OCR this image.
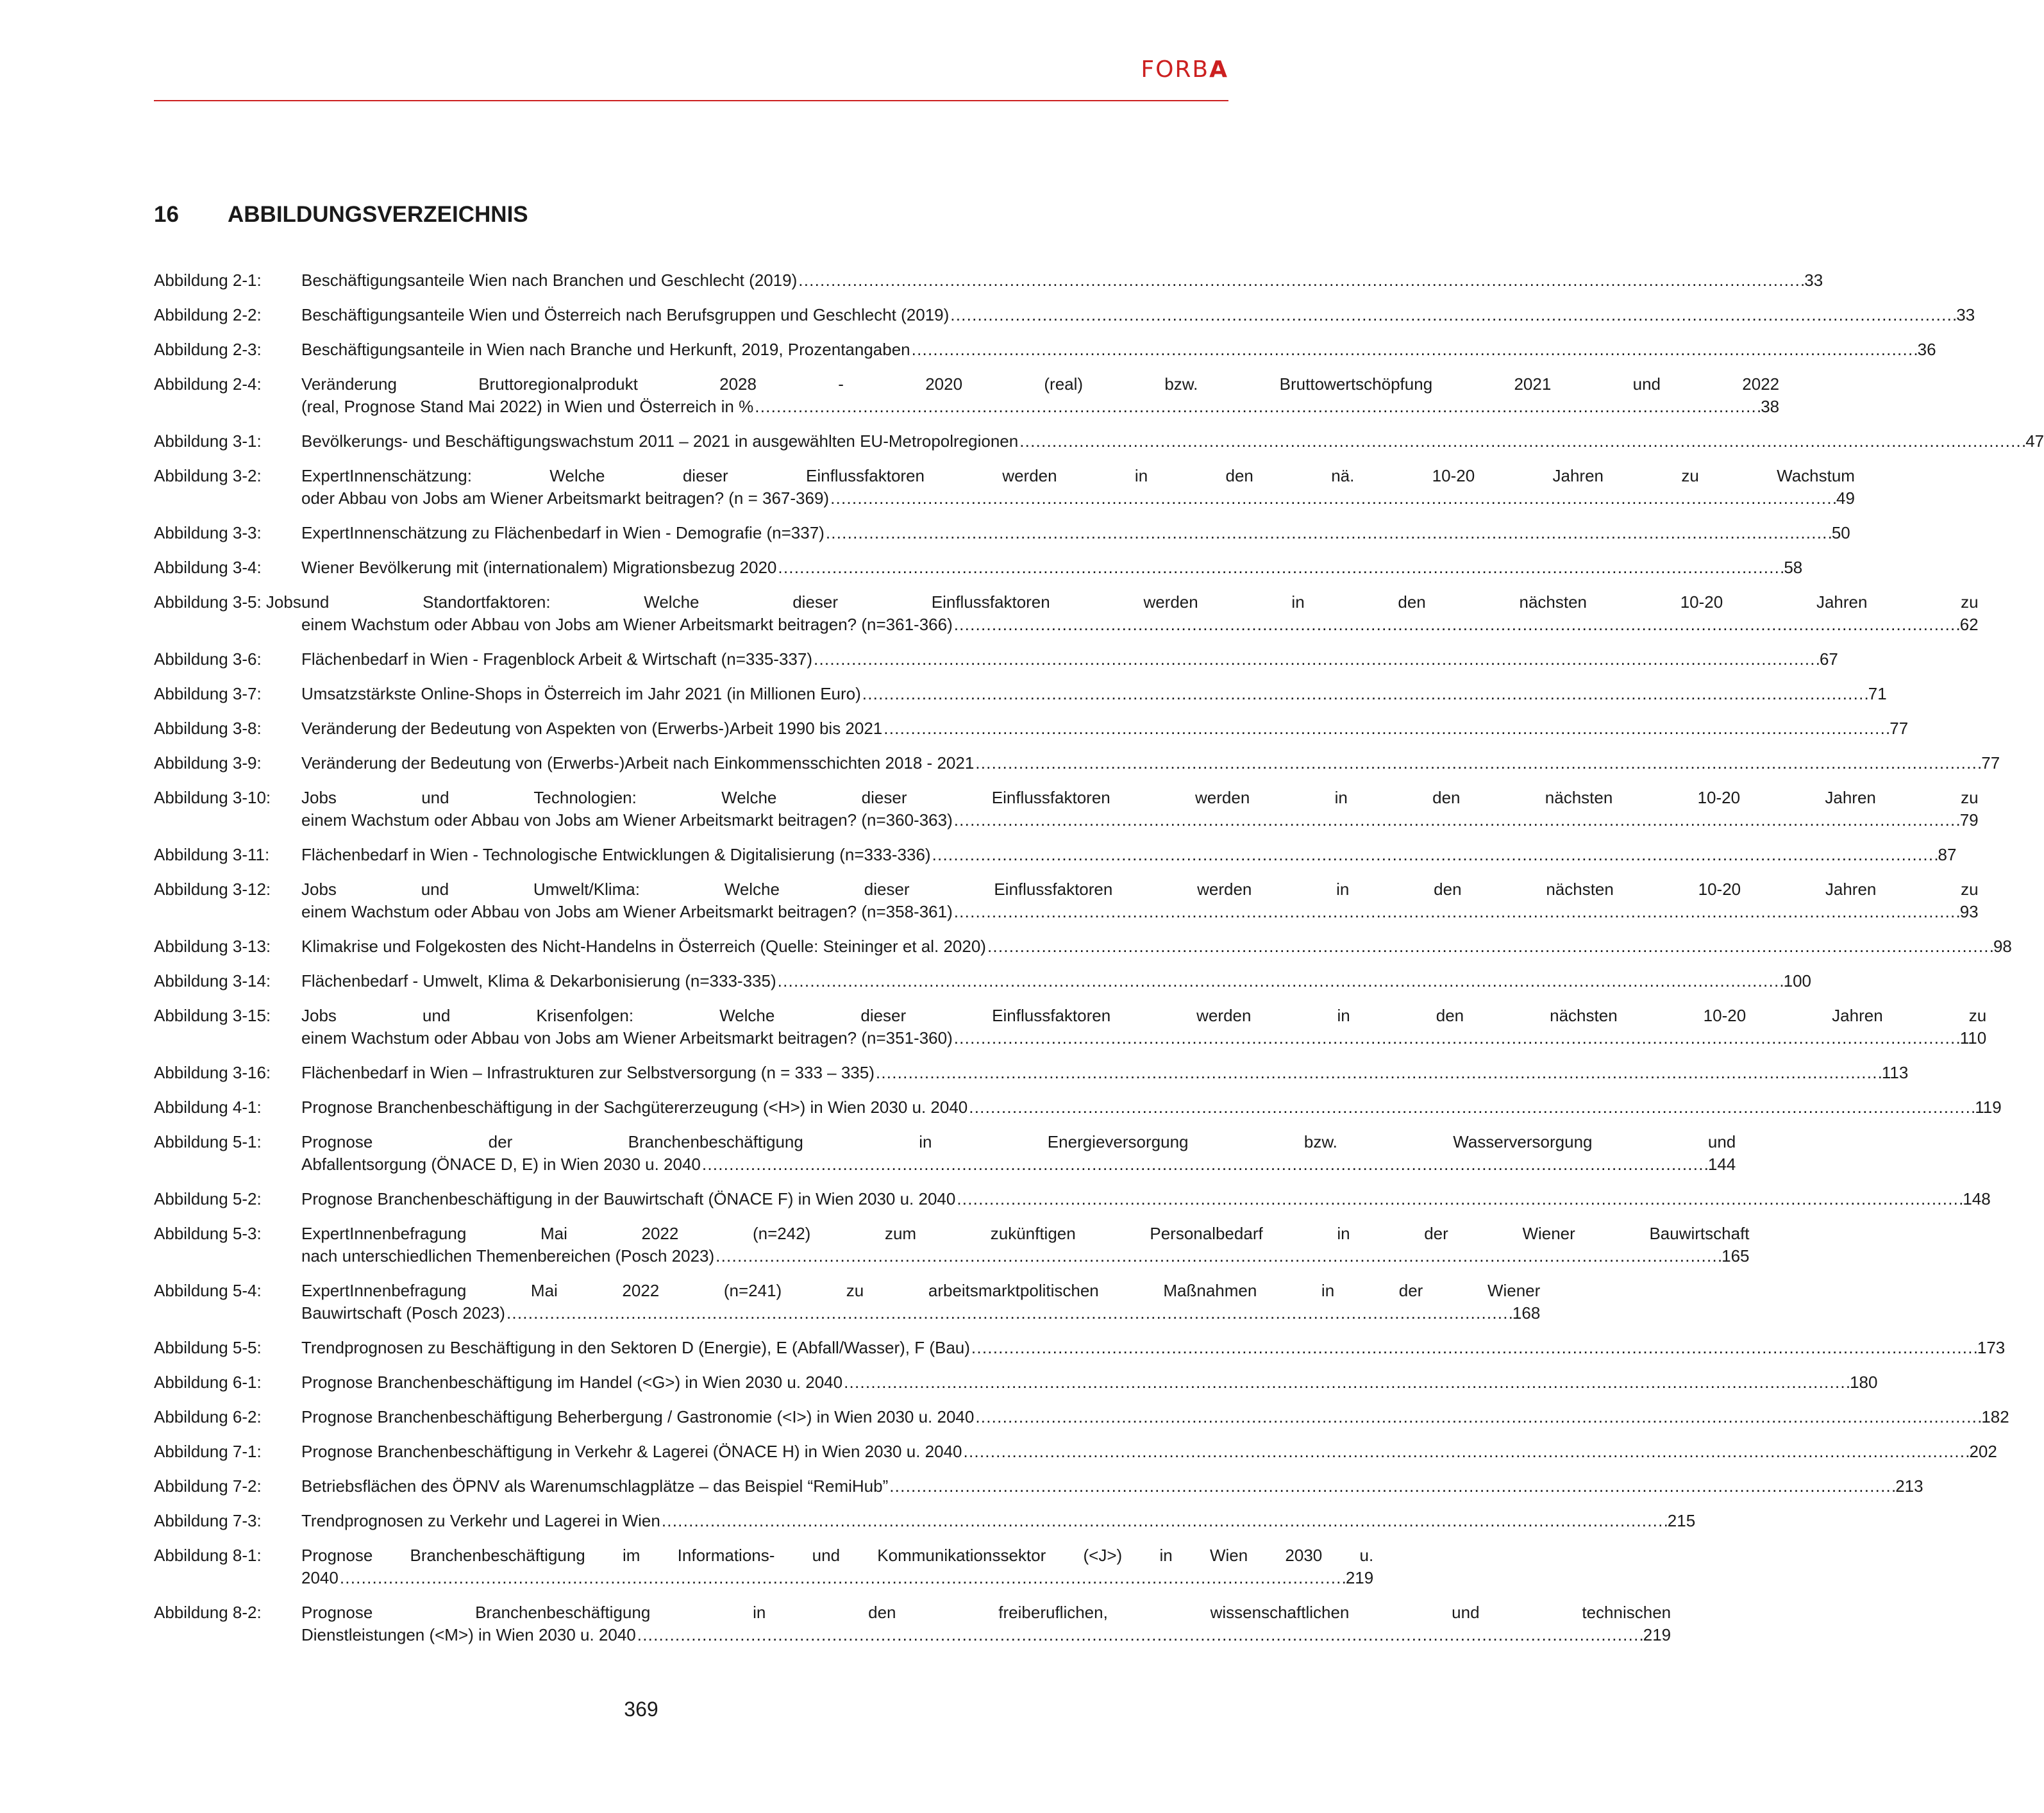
FORBA
16	ABBILDUNGSVERZEICHNIS
Abbildung 2-1:	Beschäftigungsanteile Wien nach Branchen und Geschlecht (2019) . . .	33
Abbildung 2-2:	Beschäftigungsanteile Wien und Österreich nach Berufsgruppen und Geschlecht (2019) . . .	33
Abbildung 2-3:	Beschäftigungsanteile in Wien nach Branche und Herkunft, 2019, Prozentangaben . . .	36
Abbildung 2-4:	Veränderung Bruttoregionalprodukt 2028 - 2020 (real) bzw. Bruttowertschöpfung 2021 und 2022
(real, Prognose Stand Mai 2022) in Wien und Österreich in % . . .	38
Abbildung 3-1:	Bevölkerungs- und Beschäftigungswachstum 2011 – 2021 in ausgewählten EU-Metropolregionen . . .	47
Abbildung 3-2:	ExpertInnenschätzung: Welche dieser Einflussfaktoren werden in den nä. 10-20 Jahren zu Wachstum
oder Abbau von Jobs am Wiener Arbeitsmarkt beitragen? (n = 367-369) . . .	49
Abbildung 3-3:	ExpertInnenschätzung zu Flächenbedarf in Wien - Demografie (n=337) . . .	50
Abbildung 3-4:	Wiener Bevölkerung mit (internationalem) Migrationsbezug 2020 . . .	58
Abbildung 3-5: Jobs und Standortfaktoren: Welche dieser Einflussfaktoren werden in den nächsten 10-20 Jahren zu
einem Wachstum oder Abbau von Jobs am Wiener Arbeitsmarkt beitragen? (n=361-366) . . .	62
Abbildung 3-6:	Flächenbedarf in Wien - Fragenblock Arbeit & Wirtschaft (n=335-337) . . .	67
Abbildung 3-7:	Umsatzstärkste Online-Shops in Österreich im Jahr 2021 (in Millionen Euro) . . .	71
Abbildung 3-8:	Veränderung der Bedeutung von Aspekten von (Erwerbs-)Arbeit 1990 bis 2021 . . .	77
Abbildung 3-9:	Veränderung der Bedeutung von (Erwerbs-)Arbeit nach Einkommensschichten 2018 - 2021 . . .	77
Abbildung 3-10:	Jobs und Technologien: Welche dieser Einflussfaktoren werden in den nächsten 10-20 Jahren zu
einem Wachstum oder Abbau von Jobs am Wiener Arbeitsmarkt beitragen? (n=360-363) . . .	79
Abbildung 3-11:	Flächenbedarf in Wien - Technologische Entwicklungen & Digitalisierung (n=333-336) . . .	87
Abbildung 3-12:	Jobs und Umwelt/Klima: Welche dieser Einflussfaktoren werden in den nächsten 10-20 Jahren zu
einem Wachstum oder Abbau von Jobs am Wiener Arbeitsmarkt beitragen? (n=358-361) . . .	93
Abbildung 3-13:	Klimakrise und Folgekosten des Nicht-Handelns in Österreich (Quelle: Steininger et al. 2020) . . .	98
Abbildung 3-14:	Flächenbedarf - Umwelt, Klima & Dekarbonisierung (n=333-335) . . .	100
Abbildung 3-15:	Jobs und Krisenfolgen: Welche dieser Einflussfaktoren werden in den nächsten 10-20 Jahren zu
einem Wachstum oder Abbau von Jobs am Wiener Arbeitsmarkt beitragen? (n=351-360) . . .	110
Abbildung 3-16:	Flächenbedarf in Wien – Infrastrukturen zur Selbstversorgung (n = 333 – 335) . . .	113
Abbildung 4-1:	Prognose Branchenbeschäftigung in der Sachgütererzeugung (<H>) in Wien 2030 u. 2040 . . .	119
Abbildung 5-1:	Prognose der Branchenbeschäftigung in Energieversorgung bzw. Wasserversorgung und
Abfallentsorgung (ÖNACE D, E) in Wien 2030 u. 2040 . . .	144
Abbildung 5-2:	Prognose Branchenbeschäftigung in der Bauwirtschaft (ÖNACE F) in Wien 2030 u. 2040 . . .	148
Abbildung 5-3:	ExpertInnenbefragung Mai 2022 (n=242) zum zukünftigen Personalbedarf in der Wiener Bauwirtschaft
nach unterschiedlichen Themenbereichen (Posch 2023) . . .	165
Abbildung 5-4:	ExpertInnenbefragung Mai 2022 (n=241) zu arbeitsmarktpolitischen Maßnahmen in der Wiener
Bauwirtschaft (Posch 2023) . . .	168
Abbildung 5-5:	Trendprognosen zu Beschäftigung in den Sektoren D (Energie), E (Abfall/Wasser), F (Bau) . . .	173
Abbildung 6-1:	Prognose Branchenbeschäftigung im Handel (<G>) in Wien 2030 u. 2040 . . .	180
Abbildung 6-2:	Prognose Branchenbeschäftigung Beherbergung / Gastronomie (<I>) in Wien 2030 u. 2040 . . .	182
Abbildung 7-1:	Prognose Branchenbeschäftigung in Verkehr & Lagerei (ÖNACE H) in Wien 2030 u. 2040 . . .	202
Abbildung 7-2:	Betriebsflächen des ÖPNV als Warenumschlagplätze – das Beispiel “RemiHub” . . .	213
Abbildung 7-3:	Trendprognosen zu Verkehr und Lagerei in Wien . . .	215
Abbildung 8-1:	Prognose Branchenbeschäftigung im Informations- und Kommunikationssektor (<J>) in Wien 2030 u.
2040 . . .	219
Abbildung 8-2:	Prognose Branchenbeschäftigung in den freiberuflichen, wissenschaftlichen und technischen
Dienstleistungen (<M>) in Wien 2030 u. 2040 . . .	219
369
